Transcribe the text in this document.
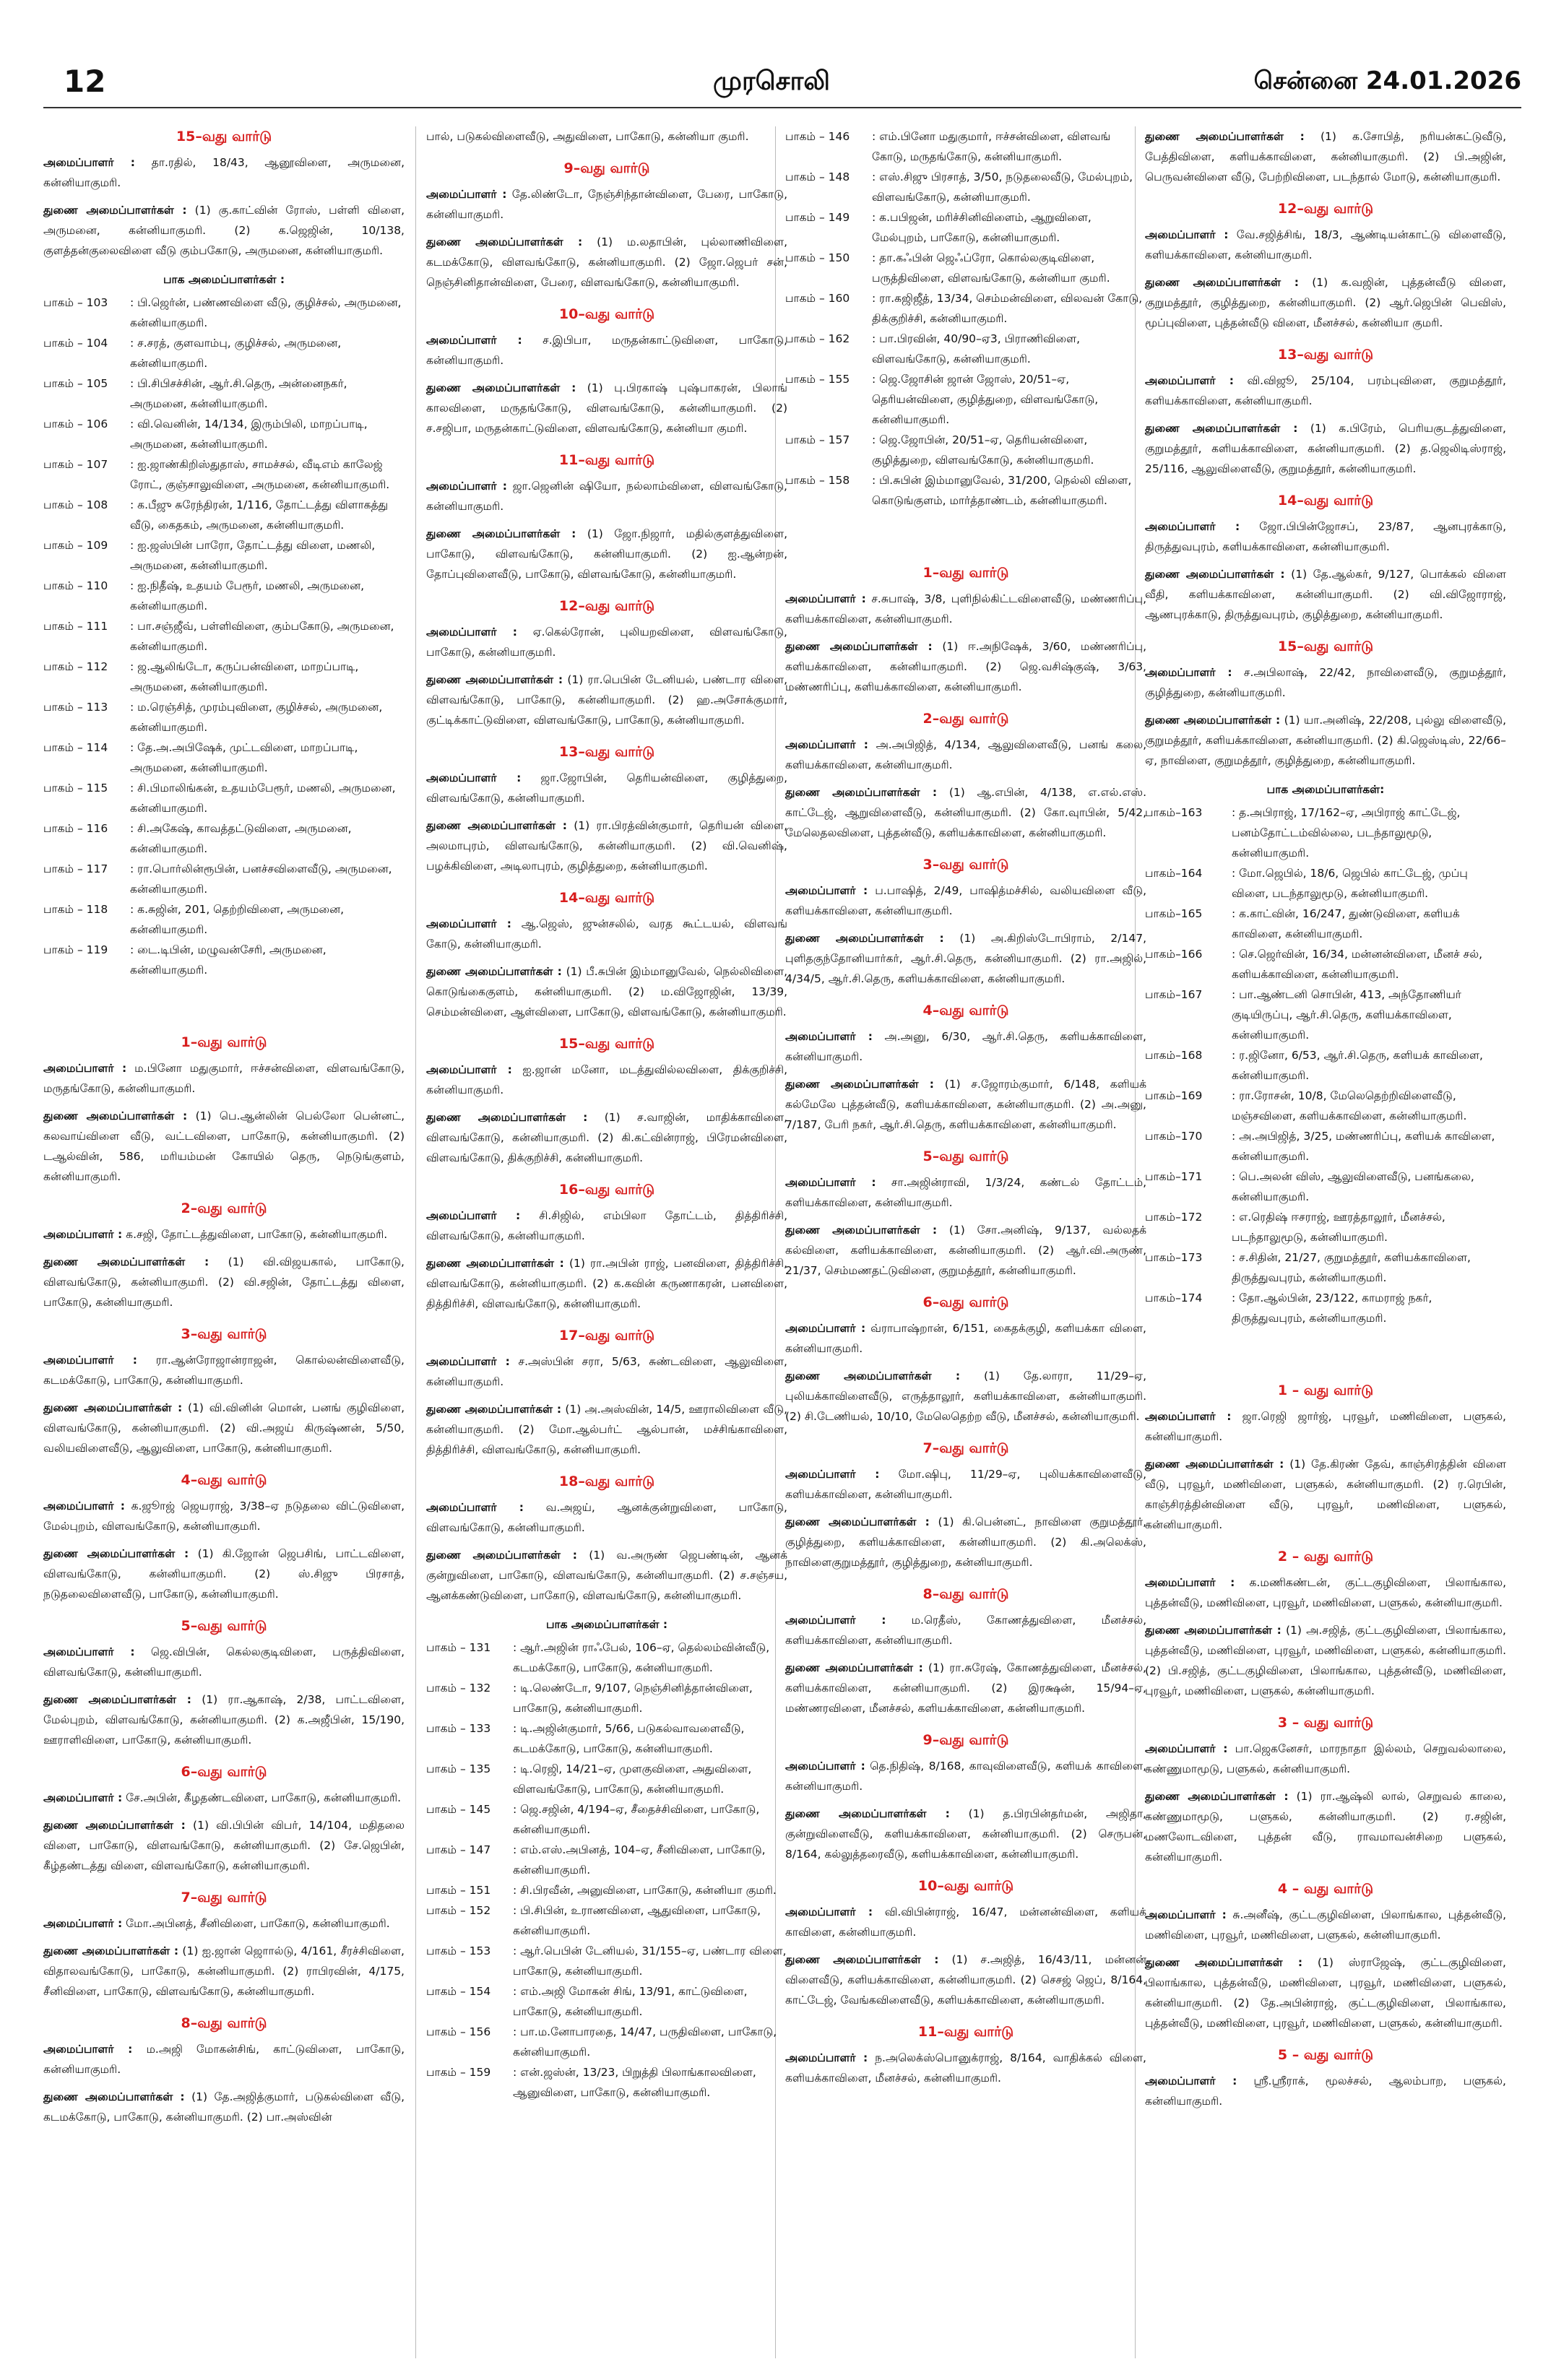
12	முரசொலி	சென்னை 24.01.2026
15–வது வார்டு

அமைப்பாளர் : தா.ரதில், 18/43, ஆனூவிளை, அருமனை, கன்னியாகுமரி.

துணை அமைப்பாளர்கள் : (1) கு.காட்வின் ரோஸ், பள்ளி விளை, அருமனை, கன்னியாகுமரி. (2) க.ஜெஜின், 10/138, குளத்தன்குலைவிளை வீடு கும்பகோடு, அருமனை, கன்னியாகுமரி.

பாக அமைப்பாளர்கள் :
பாகம் – 103	: பி.ஜெர்ன், பண்ணவிளை வீடு, குழிச்சல், அருமனை, கன்னியாகுமரி.
பாகம் – 104	: ச.சரத், குளவாம்பு, குழிச்சல், அருமனை, கன்னியாகுமரி.
பாகம் – 105	: பி.சிபிசச்சின், ஆர்.சி.தெரு, அன்னைநகர், அருமனை, கன்னியாகுமரி.
பாகம் – 106	: வி.வெனின், 14/134, இரும்பிலி, மாறப்பாடி, அருமனை, கன்னியாகுமரி.
பாகம் – 107	: ஐ.ஜாண்கிறிஸ்துதாஸ், சாமச்சல், வீடிஎம் காலேஜ் ரோட், குஞ்சாலுவிளை, அருமனை, கன்னியாகுமரி.
பாகம் – 108	: க.பீஜு சுரேந்திரன், 1/116, தோட்டத்து விளாகத்து வீடு, கைதகம், அருமனை, கன்னியாகுமரி.
பாகம் – 109	: ஐ.ஜஸ்பின் பாரோ, தோட்டத்து விளை, மணலி, அருமனை, கன்னியாகுமரி.
பாகம் – 110	: ஐ.நிதீஷ், உதயம் பேரூர், மணலி, அருமனை, கன்னியாகுமரி.
பாகம் – 111	: பா.சஞ்ஜீவ், பள்ளிவிளை, கும்பகோடு, அருமனை, கன்னியாகுமரி.
பாகம் – 112	: ஜ.ஆலிங்டோ, கருப்பன்விளை, மாறப்பாடி, அருமனை, கன்னியாகுமரி.
பாகம் – 113	: ம.ரெஞ்சித், முரம்புவிளை, குழிச்சல், அருமனை, கன்னியாகுமரி.
பாகம் – 114	: தே.அ.அபிஷேக், முட்டவிளை, மாறப்பாடி, அருமனை, கன்னியாகுமரி.
பாகம் – 115	: சி.பிமாலிங்கன், உதயம்பேரூர், மணலி, அருமனை, கன்னியாகுமரி.
பாகம் – 116	: சி.அகேஷ், காவத்தட்டுவிளை, அருமனை, கன்னியாகுமரி.
பாகம் – 117	: ரா.பொர்லின்ரூபின், பனச்சவிளைவீடு, அருமனை, கன்னியாகுமரி.
பாகம் – 118	: க.சுஜின், 201, தெற்றிவிளை, அருமனை, கன்னியாகுமரி.
பாகம் – 119	: டை.டிபின், மழுவன்சேரி, அருமனை, கன்னியாகுமரி.
1–வது வார்டு

அமைப்பாளர் : ம.பினோ மதுகுமார், ஈச்சன்விளை, விளவங்கோடு, மருதங்கோடு, கன்னியாகுமரி.

துணை அமைப்பாளர்கள் : (1) பெ.ஆன்லின் பெல்லோ பென்னட், கலவாய்விளை வீடு, வட்டவிளை, பாகோடு, கன்னியாகுமரி. (2) டஆல்வின், 586, மரியம்மன் கோயில் தெரு, நெடுங்குளம், கன்னியாகுமரி.

2–வது வார்டு

அமைப்பாளர் : க.சஜி, தோட்டத்துவிளை, பாகோடு, கன்னியாகுமரி.

துணை அமைப்பாளர்கள் : (1) வி.விஜயகால், பாகோடு, விளவங்கோடு, கன்னியாகுமரி. (2) வி.சஜின், தோட்டத்து விளை, பாகோடு, கன்னியாகுமரி.

3–வது வார்டு

அமைப்பாளர் : ரா.ஆன்ரோஜான்ராஜன், கொல்லன்விளைவீடு, கடமக்கோடு, பாகோடு, கன்னியாகுமரி.

துணை அமைப்பாளர்கள் : (1) வி.வினின் மொன், பனங் குழிவிளை, விளவங்கோடு, கன்னியாகுமரி. (2) வி.அஜய் கிருஷ்ணன், 5/50, வலியவிளைவீடு, ஆலுவிளை, பாகோடு, கன்னியாகுமரி.

4–வது வார்டு

அமைப்பாளர் : க.ஜூாஜ் ஜெயராஜ், 3/38–ஏ நடுதலை விட்டுவிளை, மேல்புறம், விளவங்கோடு, கன்னியாகுமரி.

துணை அமைப்பாளர்கள் : (1) கி.ஜோன் ஜெபசிங், பாட்டவிளை, விளவங்கோடு, கன்னியாகுமரி. (2) ஸ்.சிஜு பிரசாத், நடுதலைவிளைவீடு, பாகோடு, கன்னியாகுமரி.

5–வது வார்டு

அமைப்பாளர் : ஜெ.விபின், கெல்லகுடிவிளை, பருத்திவிளை, விளவங்கோடு, கன்னியாகுமரி.

துணை அமைப்பாளர்கள் : (1) ரா.ஆகாஷ், 2/38, பாட்டவிளை, மேல்புறம், விளவங்கோடு, கன்னியாகுமரி. (2) க.அஜீபின், 15/190, ஊராளிவிளை, பாகோடு, கன்னியாகுமரி.

6–வது வார்டு

அமைப்பாளர் : சே.அபின், கீழதண்டவிளை, பாகோடு, கன்னியாகுமரி.

துணை அமைப்பாளர்கள் : (1) வி.பிபின் விபர், 14/104, மதிதலை விளை, பாகோடு, விளவங்கோடு, கன்னியாகுமரி. (2) சே.ஜெபின், கீழ்தண்டத்து விளை, விளவங்கோடு, கன்னியாகுமரி.

7–வது வார்டு

அமைப்பாளர் : மோ.அபினத், சீனிவிளை, பாகோடு, கன்னியாகுமரி.

துணை அமைப்பாளர்கள் : (1) ஐ.ஜான் ஜொால்டு, 4/161, சீரச்சிவிளை, விதாலவங்கோடு, பாகோடு, கன்னியாகுமரி. (2) ராபிரவின், 4/175, சீனிவிளை, பாகோடு, விளவங்கோடு, கன்னியாகுமரி.

8–வது வார்டு

அமைப்பாளர் : ம.அஜி மோகன்சிங், காட்டுவிளை, பாகோடு, கன்னியாகுமரி.

துணை அமைப்பாளர்கள் : (1) தே.அஜித்குமார், படுகல்விளை வீடு, கடமக்கோடு, பாகோடு, கன்னியாகுமரி. (2) பா.அஸ்வின்

பால், படுகல்விளைவீடு, அதுவிளை, பாகோடு, கன்னியா குமரி.

9–வது வார்டு

அமைப்பாளர் : தே.லிண்டோ, நேஞ்சிந்தான்விளை, பேரை, பாகோடு, கன்னியாகுமரி.

துணை அமைப்பாளர்கள் : (1) ம.லதாபின், புல்லாணிவிளை, கடமக்கோடு, விளவங்கோடு, கன்னியாகுமரி. (2) ஜோ.ஜெபர் சன், நெஞ்சினிதான்விளை, பேரை, விளவங்கோடு, கன்னியாகுமரி.

10–வது வார்டு

அமைப்பாளர் : ச.இபிபா, மருதன்காட்டுவிளை, பாகோடு, கன்னியாகுமரி.

துணை அமைப்பாளர்கள் : (1) பு.பிரகாஷ் புஷ்பாகரன், பிலாங் காலவிளை, மருதங்கோடு, விளவங்கோடு, கன்னியாகுமரி. (2) ச.சஜிபா, மருதன்காட்டுவிளை, விளவங்கோடு, கன்னியா குமரி.

11–வது வார்டு

அமைப்பாளர் : ஜா.ஜெனின் ஷியோ, நல்லாம்விளை, விளவங்கோடு, கன்னியாகுமரி.

துணை அமைப்பாளர்கள் : (1) ஜோ.நிஜார், மதில்குளத்துவிளை, பாகோடு, விளவங்கோடு, கன்னியாகுமரி. (2) ஐ.ஆன்றன், தோப்புவிளைவீடு, பாகோடு, விளவங்கோடு, கன்னியாகுமரி.

12–வது வார்டு

அமைப்பாளர் : ஏ.கெல்ரோன், புலியறவிளை, விளவங்கோடு, பாகோடு, கன்னியாகுமரி.

துணை அமைப்பாளர்கள் : (1) ரா.பெபின் டேனியல், பண்டார விளை, விளவங்கோடு, பாகோடு, கன்னியாகுமரி. (2) ஹ.அசோக்குமார், குட்டிக்காட்டுவிளை, விளவங்கோடு, பாகோடு, கன்னியாகுமரி.

13–வது வார்டு

அமைப்பாளர் : ஜா.ஜோபின், தெரியன்விளை, குழித்துறை, விளவங்கோடு, கன்னியாகுமரி.

துணை அமைப்பாளர்கள் : (1) ரா.பிரத்வின்குமார், தெரியன் விளை, அலமாபுரம், விளவங்கோடு, கன்னியாகுமரி. (2) வி.வெனிஷ், பழக்கிவிளை, அடிலாபுரம், குழித்துறை, கன்னியாகுமரி.

14–வது வார்டு

அமைப்பாளர் : ஆ.ஜெஸ், ஜுன்சலில், வரத கூட்டயல், விளவங் கோடு, கன்னியாகுமரி.

துணை அமைப்பாளர்கள் : (1) பீ.சுபின் இம்மானுவேல், நெல்லிவிளை, கொடுங்கைகுளம், கன்னியாகுமரி. (2) ம.விஜோஜின், 13/39, செம்மன்விளை, ஆள்விளை, பாகோடு, விளவங்கோடு, கன்னியாகுமரி.

15–வது வார்டு

அமைப்பாளர் : ஐ.ஜான் மனோ, மடத்துவில்லவிளை, திக்குறிச்சி, கன்னியாகுமரி.

துணை அமைப்பாளர்கள் : (1) ச.வாஜின், மாதிக்காவிளை, விளவங்கோடு, கன்னியாகுமரி. (2) கி.கட்வின்ராஜ், பிரேமன்விளை, விளவங்கோடு, திக்குறிச்சி, கன்னியாகுமரி.

16–வது வார்டு

அமைப்பாளர் : சி.சிஜில், எம்பிலா தோட்டம், தித்திரிச்சி, விளவங்கோடு, கன்னியாகுமரி.

துணை அமைப்பாளர்கள் : (1) ரா.அபின் ராஜ், பனவிளை, தித்திரிச்சி, விளவங்கோடு, கன்னியாகுமரி. (2) க.கவின் கருணாகரன், பனவிளை, தித்திரிச்சி, விளவங்கோடு, கன்னியாகுமரி.

17–வது வார்டு

அமைப்பாளர் : ச.அஸ்பின் சரா, 5/63, சுண்டவிளை, ஆலுவிளை, கன்னியாகுமரி.

துணை அமைப்பாளர்கள் : (1) அ.அஸ்வின், 14/5, ஊராலிவிளை வீடு, கன்னியாகுமரி. (2) மோ.ஆல்பர்ட் ஆல்பான், மச்சிங்காவிளை, தித்திரிச்சி, விளவங்கோடு, கன்னியாகுமரி.

18–வது வார்டு

அமைப்பாளர் : வ.அஜய், ஆனக்குன்றுவிளை, பாகோடு, விளவங்கோடு, கன்னியாகுமரி.

துணை அமைப்பாளர்கள் : (1) வ.அருண் ஜெபண்டின், ஆனக் குன்றுவிளை, பாகோடு, விளவங்கோடு, கன்னியாகுமரி. (2) ச.சஞ்சய, ஆனக்கண்டுவிளை, பாகோடு, விளவங்கோடு, கன்னியாகுமரி.

பாக அமைப்பாளர்கள் :
பாகம் – 131	: ஆர்.அஜின் ராஃபேல், 106–ஏ, தெல்லம்வின்வீடு, கடமக்கோடு, பாகோடு, கன்னியாகுமரி.
பாகம் – 132	: டி.லெண்டோ, 9/107, நெஞ்சினித்தான்விளை, பாகோடு, கன்னியாகுமரி.
பாகம் – 133	: டி.அஜின்குமார், 5/66, படுகல்வாவளைவீடு, கடமக்கோடு, பாகோடு, கன்னியாகுமரி.
பாகம் – 135	: டி.ரெஜி, 14/21–ஏ, முளகுவிளை, அதுவிளை, விளவங்கோடு, பாகோடு, கன்னியாகுமரி.
பாகம் – 145	: ஜெ.சஜின், 4/194–ஏ, சீதைச்சிவிளை, பாகோடு, கன்னியாகுமரி.
பாகம் – 147	: எம்.எஸ்.அபினத், 104–ஏ, சீனிவிளை, பாகோடு, கன்னியாகுமரி.
பாகம் – 151	: சி.பிரவீன், அனுவிளை, பாகோடு, கன்னியா குமரி.
பாகம் – 152	: பி.சிபின், உராணவிளை, ஆதுவிளை, பாகோடு, கன்னியாகுமரி.
பாகம் – 153	: ஆர்.பெபின் டேனியல், 31/155–ஏ, பண்டார விளை, பாகோடு, கன்னியாகுமரி.
பாகம் – 154	: எம்.அஜி மோகன் சிங், 13/91, காட்டுவிளை, பாகோடு, கன்னியாகுமரி.
பாகம் – 156	: பா.ம.னோபாரதை, 14/47, பருதிவிளை, பாகோடு, கன்னியாகுமரி.
பாகம் – 159	: என்.ஜஸ்ன், 13/23, பிறுத்தி பிலாங்காலவிளை, ஆனுவிளை, பாகோடு, கன்னியாகுமரி.
பாகம் – 146	: எம்.பினோ மதுகுமார், ஈச்சன்விளை, விளவங் கோடு, மருதங்கோடு, கன்னியாகுமரி.
பாகம் – 148	: எஸ்.சிஜு பிரசாத், 3/50, நடுதலைவீடு, மேல்புறம், விளவங்கோடு, கன்னியாகுமரி.
பாகம் – 149	: க.பபிஜன், மரிச்சினிவிளைம், ஆறுவிளை, மேல்புறம், பாகோடு, கன்னியாகுமரி.
பாகம் – 150	: தா.கஃபின் ஜெஃப்ரோ, கொல்லகுடிவிளை, பருத்திவிளை, விளவங்கோடு, கன்னியா குமரி.
பாகம் – 160	: ரா.கஜிஜீத், 13/34, செம்மன்விளை, விலவன் கோடு, திக்குறிச்சி, கன்னியாகுமரி.
பாகம் – 162	: பா.பிரவின், 40/90–ஏ3, பிராணிவிளை, விளவங்கோடு, கன்னியாகுமரி.
பாகம் – 155	: ஜெ.ஜோசின் ஜான் ஜோஸ், 20/51–ஏ, தெரியன்விளை, குழித்துறை, விளவங்கோடு, கன்னியாகுமரி.
பாகம் – 157	: ஜெ.ஜோபின், 20/51–ஏ, தெரியன்விளை, குழித்துறை, விளவங்கோடு, கன்னியாகுமரி.
பாகம் – 158	: பி.சுபின் இம்மானுவேல், 31/200, நெல்லி விளை, கொடுங்குளம், மார்த்தாண்டம், கன்னியாகுமரி.
1–வது வார்டு

அமைப்பாளர் : ச.சுபாஷ், 3/8, புளிநில்கிட்டவிளைவீடு, மண்ணரிப்பு, களியக்காவிளை, கன்னியாகுமரி.

துணை அமைப்பாளர்கள் : (1) ஈ.அநிஷேக், 3/60, மண்ணரிப்பு, களியக்காவிளை, கன்னியாகுமரி. (2) ஜெ.வசிஷ்குஷ், 3/63, மண்ணரிப்பு, களியக்காவிளை, கன்னியாகுமரி.

2–வது வார்டு

அமைப்பாளர் : அ.அபிஜித், 4/134, ஆலுவிளைவீடு, பனங் கலை, களியக்காவிளை, கன்னியாகுமரி.

துணை அமைப்பாளர்கள் : (1) ஆ.எபின், 4/138, எ.எல்.எஸ். காட்டேஜ், ஆறுவிளைவீடு, கன்னியாகுமரி. (2) கோ.வுாபின், 5/42, மேலெதலவிளை, புத்தன்வீடு, களியக்காவிளை, கன்னியாகுமரி.

3–வது வார்டு

அமைப்பாளர் : ப.பாஷித், 2/49, பாஷித்மச்சில், வலியவிளை வீடு, களியக்காவிளை, கன்னியாகுமரி.

துணை அமைப்பாளர்கள் : (1) அ.கிறிஸ்டோபிராம், 2/147, புளிதகுந்தோனியார்கர், ஆர்.சி.தெரு, கன்னியாகுமரி. (2) ரா.அஜில், 4/34/5, ஆர்.சி.தெரு, களியக்காவிளை, கன்னியாகுமரி.

4–வது வார்டு

அமைப்பாளர் : அ.அனு, 6/30, ஆர்.சி.தெரு, களியக்காவிளை, கன்னியாகுமரி.

துணை அமைப்பாளர்கள் : (1) ச.ஜோரம்குமார், 6/148, களியக் கல்மேலே புத்தன்வீடு, களியக்காவிளை, கன்னியாகுமரி. (2) அ.அனு, 7/187, பேரி நகர், ஆர்.சி.தெரு, களியக்காவிளை, கன்னியாகுமரி.

5–வது வார்டு

அமைப்பாளர் : சா.அஜின்ராவி, 1/3/24, கண்டல் தோட்டம், களியக்காவிளை, கன்னியாகுமரி.

துணை அமைப்பாளர்கள் : (1) சோ.அனிஷ், 9/137, வல்லதக் கல்விளை, களியக்காவிளை, கன்னியாகுமரி. (2) ஆர்.வி.அருண், 21/37, செம்மணதட்டுவிளை, குறுமத்தூர், கன்னியாகுமரி.

6–வது வார்டு

அமைப்பாளர் : வ்ராபாஷ்றான், 6/151, கைதக்குழி, களியக்கா விளை, கன்னியாகுமரி.

துணை அமைப்பாளர்கள் : (1) தே.லாரா, 11/29–ஏ, புலியக்காவிளைவீடு, எருத்தாலூர், களியக்காவிளை, கன்னியாகுமரி. (2) சி.டேணியல், 10/10, மேலெதெற்ற வீடு, மீனச்சல், கன்னியாகுமரி.

7–வது வார்டு

அமைப்பாளர் : மோ.ஷிபு, 11/29–ஏ, புலியக்காவிளைவீடு, களியக்காவிளை, கன்னியாகுமரி.

துணை அமைப்பாளர்கள் : (1) கி.பென்னட், நாவிளை குறுமத்தூர், குழித்துறை, களியக்காவிளை, கன்னியாகுமரி. (2) கி.அலெக்ஸ், நாவிளைகுறுமத்தூர், குழித்துறை, கன்னியாகுமரி.

8–வது வார்டு

அமைப்பாளர் : ம.ரெதீஸ், கோணத்துவிளை, மீனச்சல், களியக்காவிளை, கன்னியாகுமரி.

துணை அமைப்பாளர்கள் : (1) ரா.சுரேஷ், கோணத்துவிளை, மீனச்சல், களியக்காவிளை, கன்னியாகுமரி. (2) இரக்ஷன், 15/94–ஏ, மண்ணரவிளை, மீனச்சல், களியக்காவிளை, கன்னியாகுமரி.

9–வது வார்டு

அமைப்பாளர் : தெ.நிதிஷ், 8/168, காவுவிளைவீடு, களியக் காவிளை, கன்னியாகுமரி.

துணை அமைப்பாளர்கள் : (1) த.பிரபின்தர்மன், அஜிதா, குன்றுவிளைவீடு, களியக்காவிளை, கன்னியாகுமரி. (2) செருபன், 8/164, கல்லுத்தரைவீடு, களியக்காவிளை, கன்னியாகுமரி.

10–வது வார்டு

அமைப்பாளர் : வி.விபின்ராஜ், 16/47, மன்னன்விளை, களியக் காவிளை, கன்னியாகுமரி.

துணை அமைப்பாளர்கள் : (1) ச.அஜித், 16/43/11, மன்னன் விளைவீடு, களியக்காவிளை, கன்னியாகுமரி. (2) செசஜ் ஜெப், 8/164, காட்டேஜ், வேங்கவிளைவீடு, களியக்காவிளை, கன்னியாகுமரி.

11–வது வார்டு

அமைப்பாளர் : ந.அலெக்ஸ்பொனுக்ராஜ், 8/164, வாதிக்கல் விளை, களியக்காவிளை, மீனச்சல், கன்னியாகுமரி.

துணை அமைப்பாளர்கள் : (1) க.சோபித், நரியன்கட்டுவீடு, பேத்திவிளை, களியக்காவிளை, கன்னியாகுமரி. (2) பி.அஜின், பெருவன்விளை வீடு, பேற்றிவிளை, படந்தால் மோடு, கன்னியாகுமரி.

12–வது வார்டு

அமைப்பாளர் : வே.சஜித்சிங், 18/3, ஆண்டியன்காட்டு விளைவீடு, களியக்காவிளை, கன்னியாகுமரி.

துணை அமைப்பாளர்கள் : (1) க.வஜின், புத்தன்வீடு விளை, குறுமத்தூர், குழித்துறை, கன்னியாகுமரி. (2) ஆர்.ஜெபின் பெவிஸ், மூப்புவிளை, புத்தன்வீடு விளை, மீனச்சல், கன்னியா குமரி.

13–வது வார்டு

அமைப்பாளர் : வி.விஜூ, 25/104, பரம்புவிளை, குறுமத்தூர், களியக்காவிளை, கன்னியாகுமரி.

துணை அமைப்பாளர்கள் : (1) க.பிரேம், பெரியகுடத்துவிளை, குறுமத்தூர், களியக்காவிளை, கன்னியாகுமரி. (2) த.ஜெலிடிஸ்ராஜ், 25/116, ஆலுவிளைவீடு, குறுமத்தூர், கன்னியாகுமரி.

14–வது வார்டு

அமைப்பாளர் : ஜோ.பிபின்ஜோசப், 23/87, ஆனபுரக்காடு, திருத்துவபுரம், களியக்காவிளை, கன்னியாகுமரி.

துணை அமைப்பாளர்கள் : (1) தே.ஆல்கர், 9/127, பொக்கல் விளை வீதி, களியக்காவிளை, கன்னியாகுமரி. (2) வி.விஜோராஜ், ஆணபுரக்காடு, திருத்துவபுரம், குழித்துறை, கன்னியாகுமரி.

15–வது வார்டு

அமைப்பாளர் : ச.அபிலாஷ், 22/42, நாவிளைவீடு, குறுமத்தூர், குழித்துறை, கன்னியாகுமரி.

துணை அமைப்பாளர்கள் : (1) யா.அனிஷ், 22/208, புல்லு விளைவீடு, குறுமத்தூர், களியக்காவிளை, கன்னியாகுமரி. (2) கி.ஜெஸ்டிஸ், 22/66–ஏ, நாவிளை, குறுமத்தூர், குழித்துறை, கன்னியாகுமரி.

பாக அமைப்பாளர்கள்:
பாகம்–163	: த.அபிராஜ், 17/162–ஏ, அபிராஜ் காட்டேஜ், பனம்தோட்டம்வில்லை, படந்தாலுமூடு, கன்னியாகுமரி.
பாகம்–164	: மோ.ஜெபில், 18/6, ஜெபில் காட்டேஜ், முப்பு விளை, படந்தாலுமூடு, கன்னியாகுமரி.
பாகம்–165	: க.காட்வின், 16/247, துண்டுவிளை, களியக் காவிளை, கன்னியாகுமரி.
பாகம்–166	: செ.ஜெர்வின், 16/34, மன்னன்விளை, மீனச் சல், களியக்காவிளை, கன்னியாகுமரி.
பாகம்–167	: பா.ஆண்டனி சொபின், 413, அந்தோணியர் குடியிருப்பு, ஆர்.சி.தெரு, களியக்காவிளை, கன்னியாகுமரி.
பாகம்–168	: ர.ஜினோ, 6/53, ஆர்.சி.தெரு, களியக் காவிளை, கன்னியாகுமரி.
பாகம்–169	: ரா.ரோசன், 10/8, மேலெதெற்றிவிளைவீடு, மஞ்சவிளை, களியக்காவிளை, கன்னியாகுமரி.
பாகம்–170	: அ.அபிஜித், 3/25, மண்ணரிப்பு, களியக் காவிளை, கன்னியாகுமரி.
பாகம்–171	: பெ.அலன் விஸ், ஆலுவிளைவீடு, பனங்கலை, கன்னியாகுமரி.
பாகம்–172	: எ.ரெதிஷ் ஈசராஜ், ஊரத்தாலூர், மீனச்சல், படந்தாலுமூடு, கன்னியாகுமரி.
பாகம்–173	: ச.சிதின், 21/27, குறுமத்தூர், களியக்காவிளை, திருத்துவபுரம், கன்னியாகுமரி.
பாகம்–174	: தோ.ஆல்பின், 23/122, காமராஜ் நகர், திருத்துவபுரம், கன்னியாகுமரி.
1 – வது வார்டு

அமைப்பாளர் : ஜா.ரெஜி ஜார்ஜ், புரவூர், மணிவிளை, பளுகல், கன்னியாகுமரி.

துணை அமைப்பாளர்கள் : (1) தே.கிரண் தேவ், காஞ்சிரத்தின் விளை வீடு, புரவூர், மணிவிளை, பளுகல், கன்னியாகுமரி. (2) ர.ரெபின், காஞ்சிரத்தின்விளை வீடு, புரவூர், மணிவிளை, பளுகல், கன்னியாகுமரி.

2 – வது வார்டு

அமைப்பாளர் : க.மணிகண்டன், குட்டகுழிவிளை, பிலாங்கால, புத்தன்வீடு, மணிவிளை, புரவூர், மணிவிளை, பளுகல், கன்னியாகுமரி.

துணை அமைப்பாளர்கள் : (1) அ.சஜித், குட்டகுழிவிளை, பிலாங்கால, புத்தன்வீடு, மணிவிளை, புரவூர், மணிவிளை, பளுகல், கன்னியாகுமரி. (2) பி.சஜித், குட்டகுழிவிளை, பிலாங்கால, புத்தன்வீடு, மணிவிளை, புரவூர், மணிவிளை, பளுகல், கன்னியாகுமரி.

3 – வது வார்டு

அமைப்பாளர் : பா.ஜெகனேசர், மாரநாதா இல்லம், செறுவல்லாலை, கண்ணுமாமூடு, பளுகல், கன்னியாகுமரி.

துணை அமைப்பாளர்கள் : (1) ரா.ஆஷ்லி லால், செறுவல் காலை, கண்ணுமாமூடு, பளுகல், கன்னியாகுமரி. (2) ர.சஜின், மணலோடவிளை, புத்தன் வீடு, ராவமாவன்சிறை பளுகல், கன்னியாகுமரி.

4 – வது வார்டு

அமைப்பாளர் : சு.அனீஷ், குட்டகுழிவிளை, பிலாங்கால, புத்தன்வீடு, மணிவிளை, புரவூர், மணிவிளை, பளுகல், கன்னியாகுமரி.

துணை அமைப்பாளர்கள் : (1) ஸ்ராஜேஷ், குட்டகுழிவிளை, பிலாங்கால, புத்தன்வீடு, மணிவிளை, புரவூர், மணிவிளை, பளுகல், கன்னியாகுமரி. (2) தே.அபின்ராஜ், குட்டகுழிவிளை, பிலாங்கால, புத்தன்வீடு, மணிவிளை, புரவூர், மணிவிளை, பளுகல், கன்னியாகுமரி.

5 – வது வார்டு

அமைப்பாளர் : ஸ்ரீ.ஸ்ரீராக், மூலச்சல், ஆலம்பாற, பளுகல், கன்னியாகுமரி.
